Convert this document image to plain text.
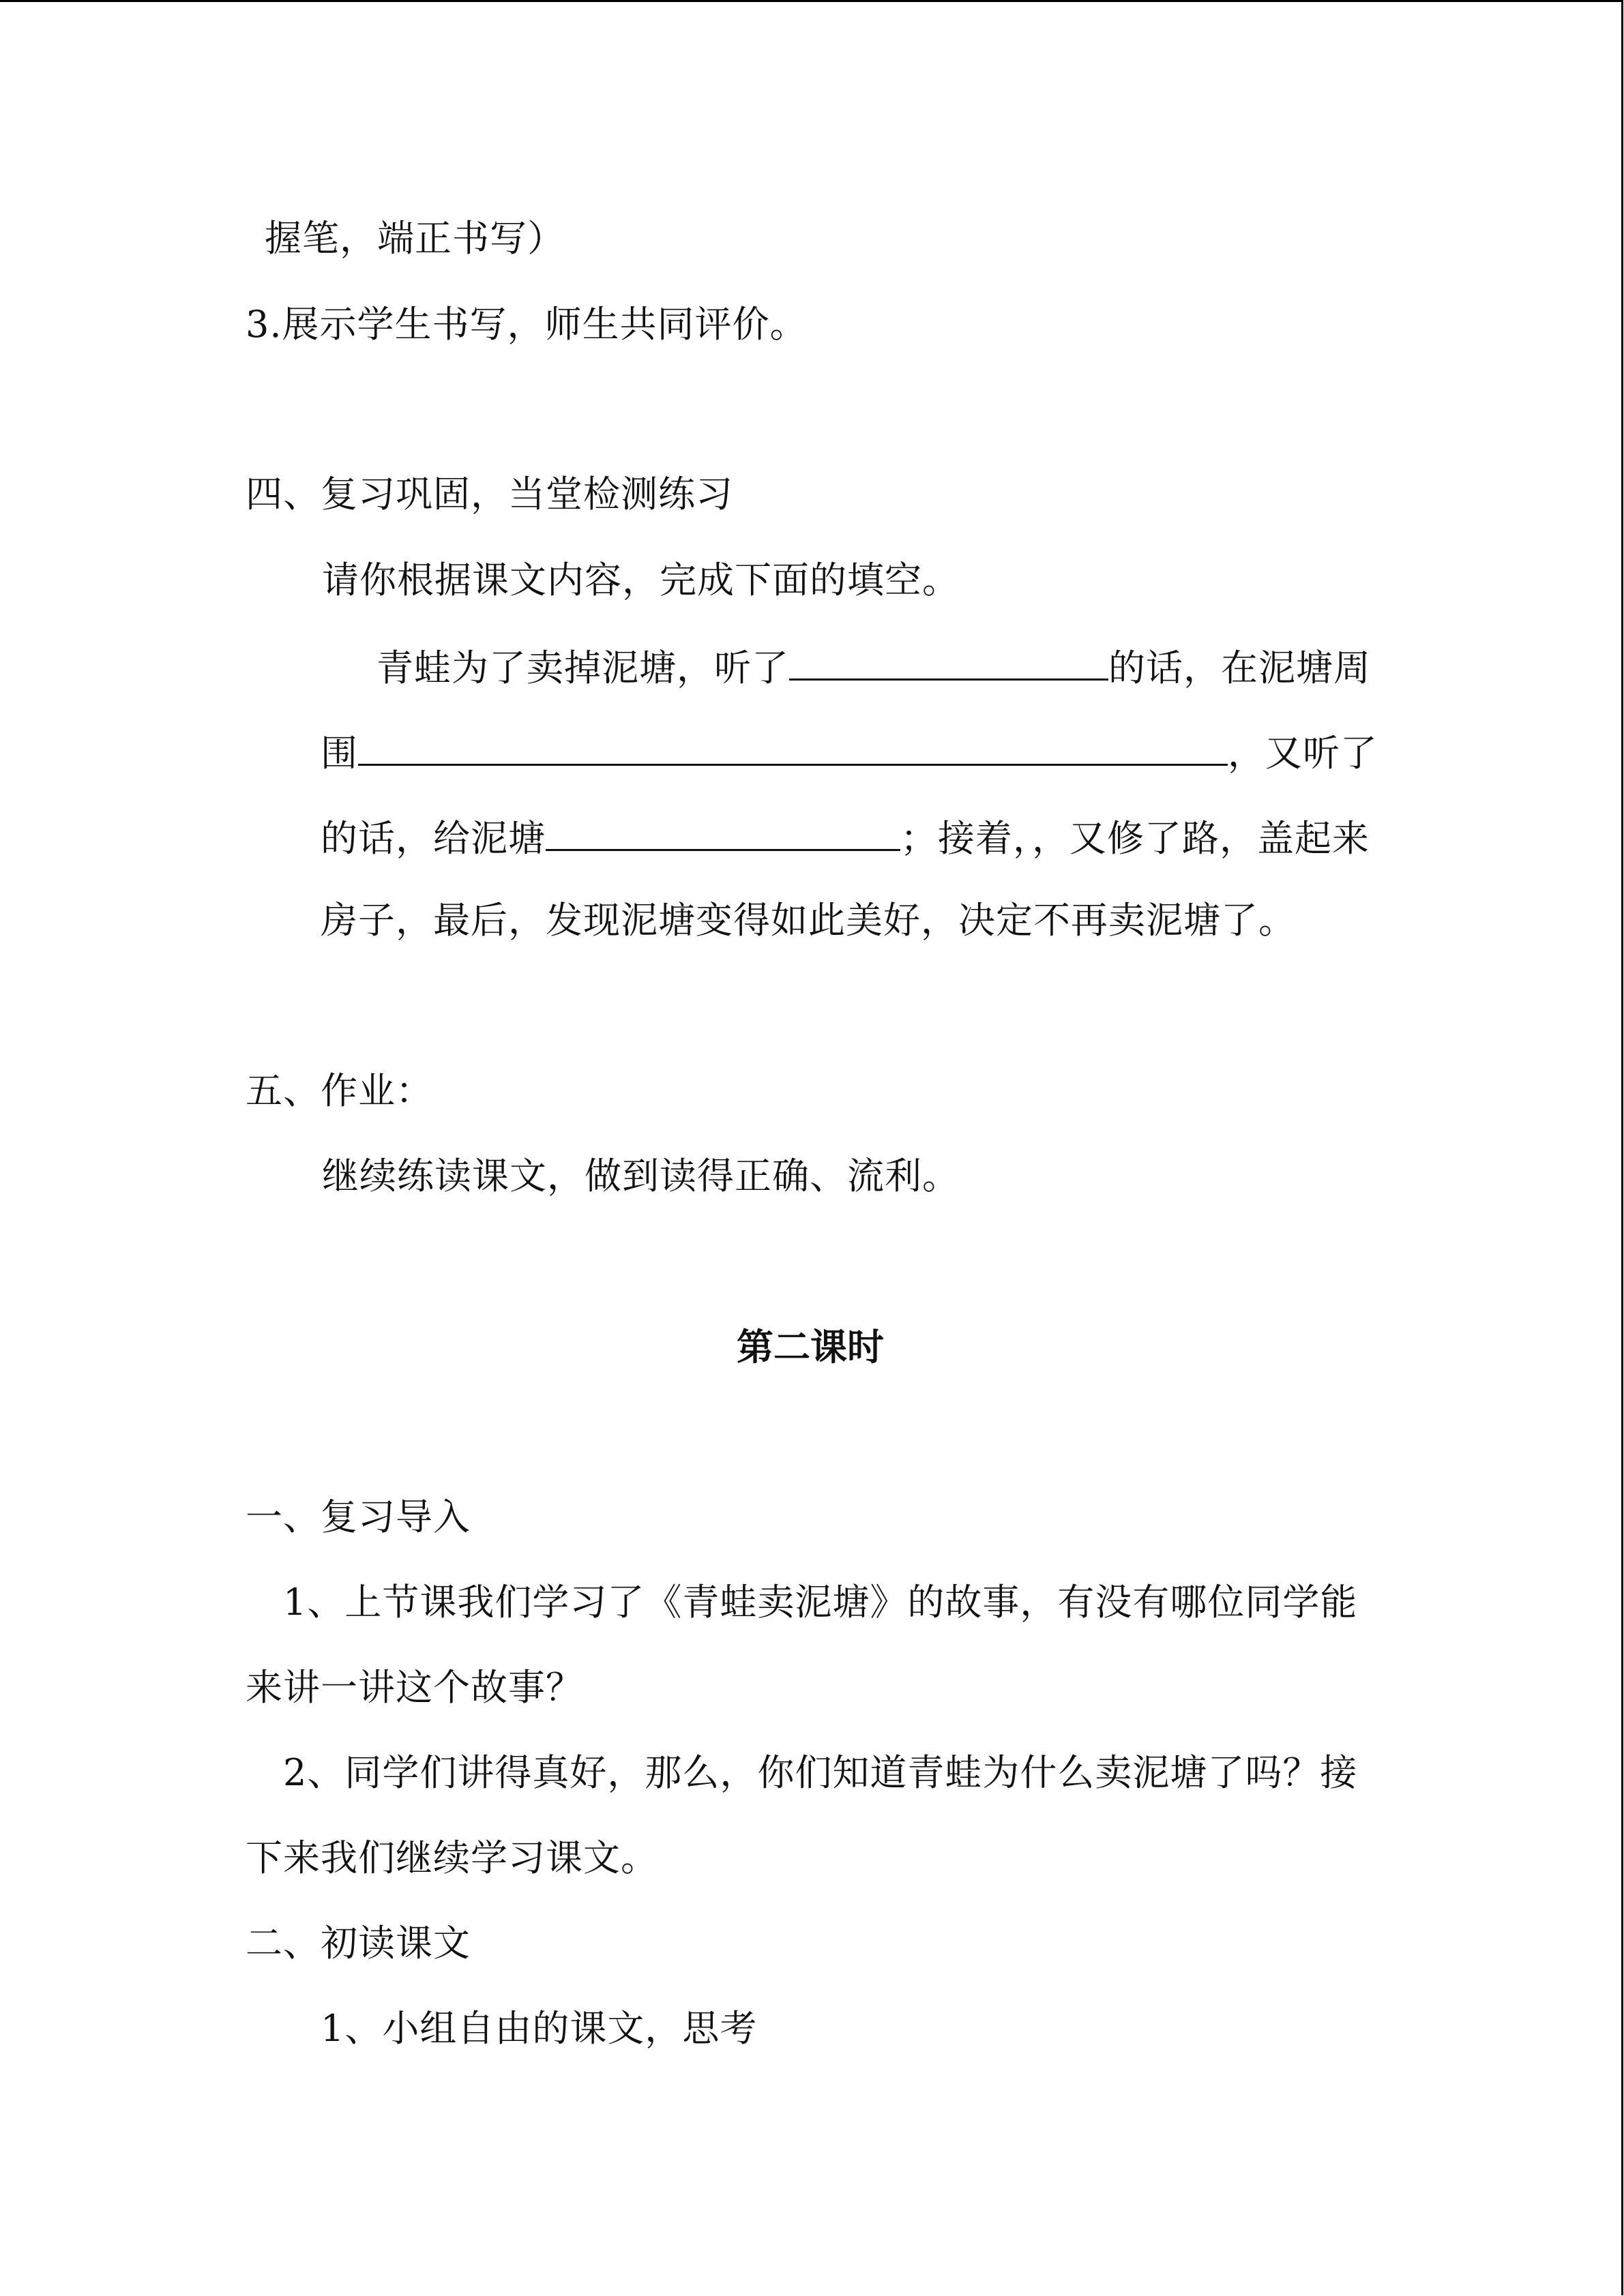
握笔，端正书写）
3.展示学生书写，师生共同评价。
四、复习巩固，当堂检测练习
请你根据课文内容，完成下面的填空。
青蛙为了卖掉泥塘，听了	的话，在泥塘周
围	，又听了
的话，给泥塘	；接着，，又修了路，盖起来
房子，最后，发现泥塘变得如此美好，决定不再卖泥塘了。
五、作业：
继续练读课文，做到读得正确、流利。
第二课时
一、复习导入
1、上节课我们学习了《青蛙卖泥塘》的故事，有没有哪位同学能
来讲一讲这个故事？
2、同学们讲得真好，那么，你们知道青蛙为什么卖泥塘了吗？接
下来我们继续学习课文。
二、初读课文
1、小组自由的课文，思考
